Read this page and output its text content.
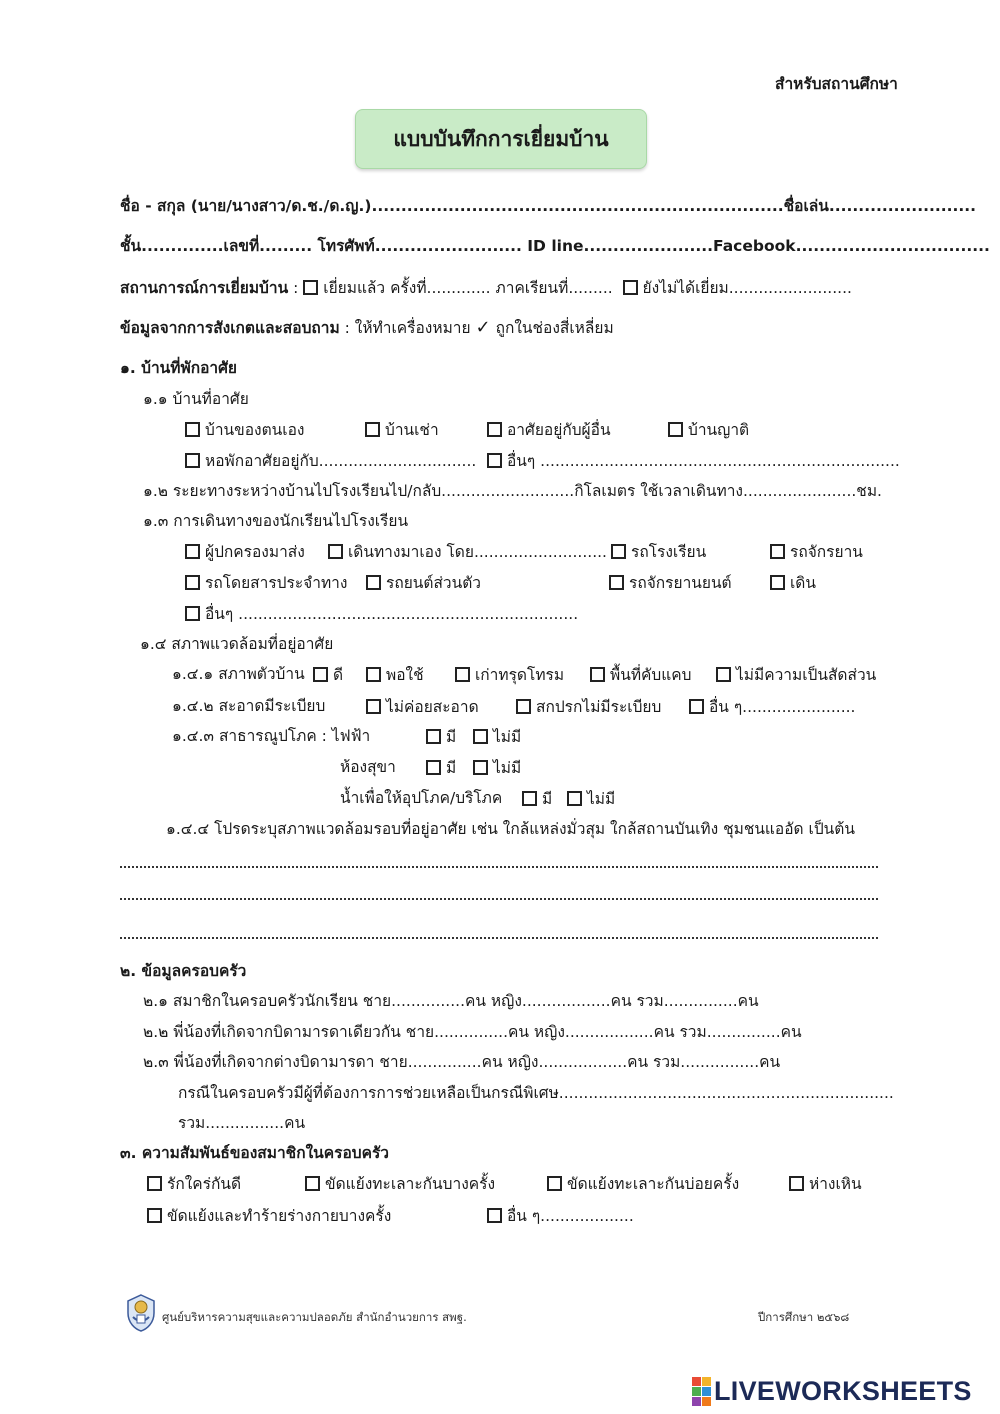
สำหรับสถานศึกษา
แบบบันทึกการเยี่ยมบ้าน
ชื่อ - สกุล (นาย/นางสาว/ด.ช./ด.ญ.)......................................................................ชื่อเล่น.........................
ชั้น..............เลขที่......... โทรศัพท์......................... ID line......................Facebook.................................
สถานการณ์การเยี่ยมบ้าน : เยี่ยมแล้ว ครั้งที่............. ภาคเรียนที่......... ยังไม่ได้เยี่ยม.........................
ข้อมูลจากการสังเกตและสอบถาม : ให้ทำเครื่องหมาย ✓ ถูกในช่องสี่เหลี่ยม
๑. บ้านที่พักอาศัย
๑.๑ บ้านที่อาศัย
บ้านของตนเอง	บ้านเช่า	อาศัยอยู่กับผู้อื่น	บ้านญาติ
หอพักอาศัยอยู่กับ................................	อื่นๆ .........................................................................
๑.๒ ระยะทางระหว่างบ้านไปโรงเรียนไป/กลับ...........................กิโลเมตร ใช้เวลาเดินทาง.......................ชม.
๑.๓ การเดินทางของนักเรียนไปโรงเรียน
ผู้ปกครองมาส่ง	เดินทางมาเอง โดย...........................	รถโรงเรียน	รถจักรยาน
รถโดยสารประจำทาง	รถยนต์ส่วนตัว	รถจักรยานยนต์	เดิน
อื่นๆ .....................................................................
๑.๔ สภาพแวดล้อมที่อยู่อาศัย
๑.๔.๑ สภาพตัวบ้าน	ดี	พอใช้	เก่าทรุดโทรม	พื้นที่คับแคบ	ไม่มีความเป็นสัดส่วน
๑.๔.๒ สะอาดมีระเบียบ	ไม่ค่อยสะอาด	สกปรกไม่มีระเบียบ	อื่น ๆ.......................
๑.๔.๓ สาธารณูปโภค : ไฟฟ้า	มี	ไม่มี
ห้องสุขา	มี	ไม่มี
น้ำเพื่อให้อุปโภค/บริโภค	มี	ไม่มี
๑.๔.๔ โปรดระบุสภาพแวดล้อมรอบที่อยู่อาศัย เช่น ใกล้แหล่งมั่วสุม ใกล้สถานบันเทิง ชุมชนแออัด เป็นต้น
๒. ข้อมูลครอบครัว
๒.๑ สมาชิกในครอบครัวนักเรียน ชาย...............คน หญิง..................คน รวม...............คน
๒.๒ พี่น้องที่เกิดจากบิดามารดาเดียวกัน ชาย...............คน หญิง..................คน รวม...............คน
๒.๓ พี่น้องที่เกิดจากต่างบิดามารดา ชาย...............คน หญิง..................คน รวม................คน
กรณีในครอบครัวมีผู้ที่ต้องการการช่วยเหลือเป็นกรณีพิเศษ....................................................................
รวม................คน
๓. ความสัมพันธ์ของสมาชิกในครอบครัว
รักใคร่กันดี	ขัดแย้งทะเลาะกันบางครั้ง	ขัดแย้งทะเลาะกันบ่อยครั้ง	ห่างเหิน
ขัดแย้งและทำร้ายร่างกายบางครั้ง	อื่น ๆ...................
ศูนย์บริหารความสุขและความปลอดภัย สำนักอำนวยการ สพฐ.	ปีการศึกษา ๒๕๖๘
LIVEWORKSHEETS
